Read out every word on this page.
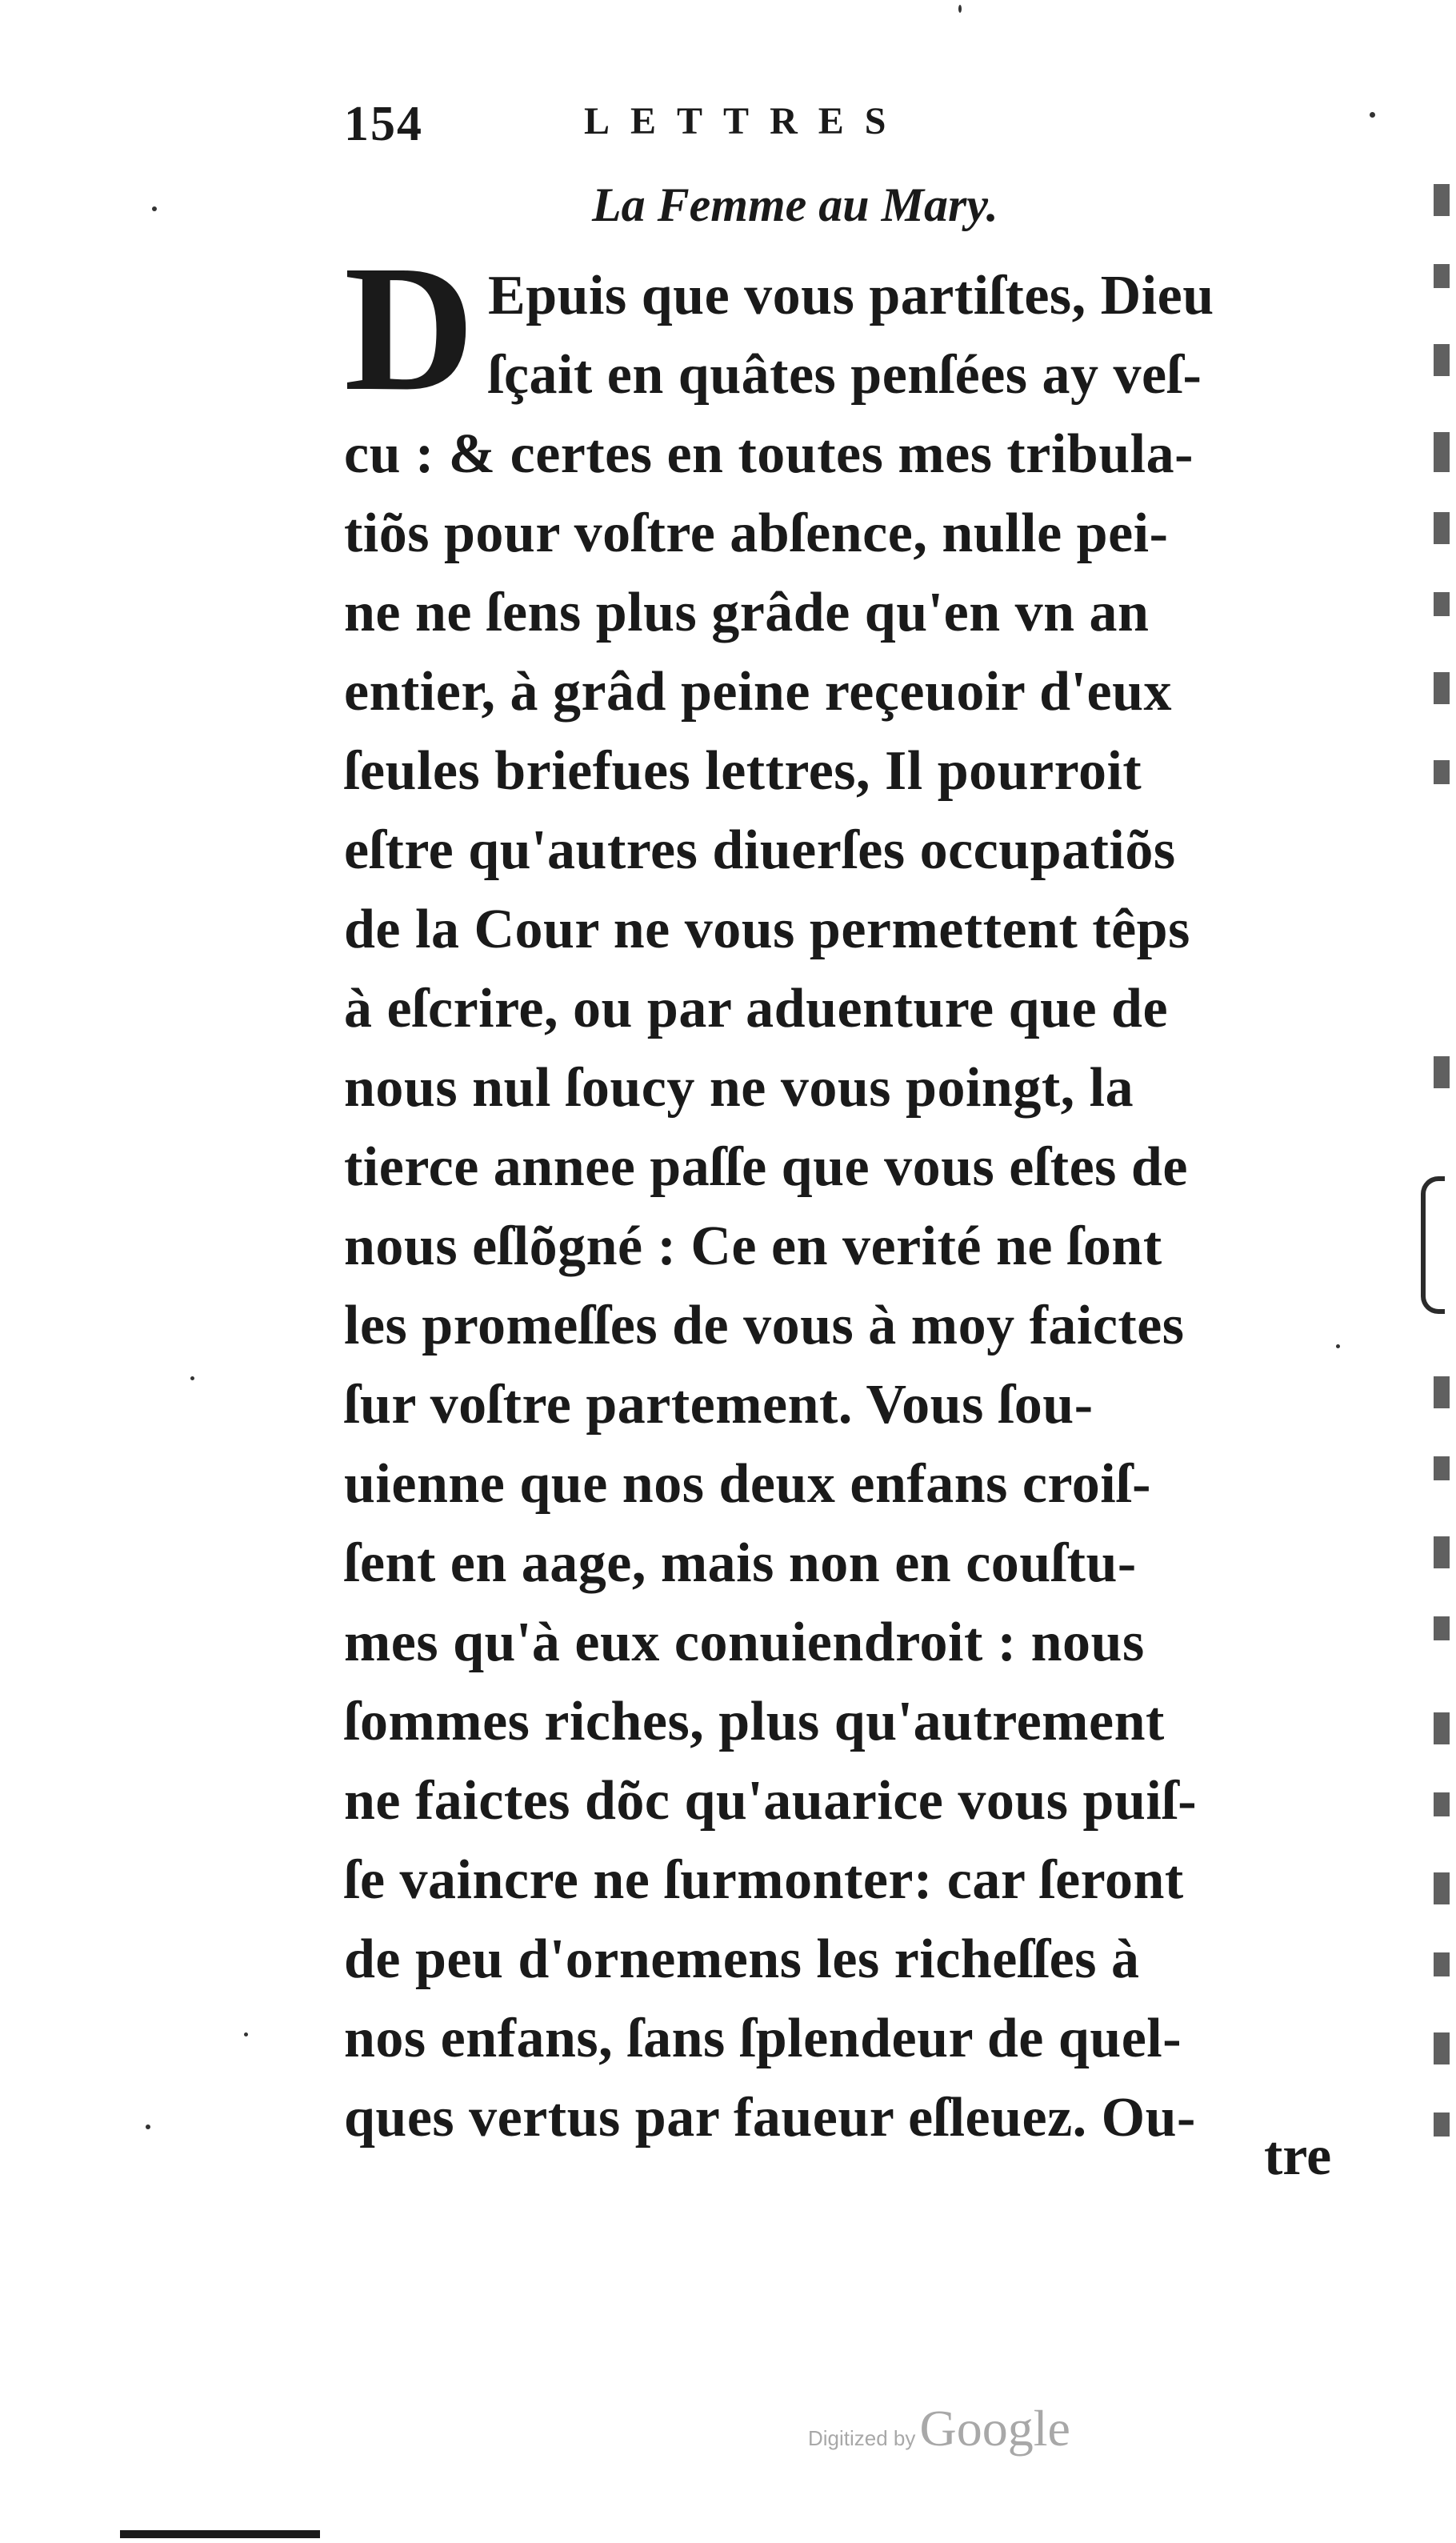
154	LETTRES
La Femme au Mary.
D Epuis que vous partiſtes, Dieu
ſçait en quâtes penſées ay veſ-
cu : & certes en toutes mes tribula-
tiõs pour voſtre abſence, nulle pei-
ne ne ſens plus grâde qu'en vn an
entier, à grâd peine reçeuoir d'eux
ſeules briefues lettres, Il pourroit
eſtre qu'autres diuerſes occupatiõs
de la Cour ne vous permettent têps
à eſcrire, ou par aduenture que de
nous nul ſoucy ne vous poingt, la
tierce annee paſſe que vous eſtes de
nous eſlõgné : Ce en verité ne ſont
les promeſſes de vous à moy faictes
ſur voſtre partement. Vous ſou-
uienne que nos deux enfans croiſ-
ſent en aage, mais non en couſtu-
mes qu'à eux conuiendroit : nous
ſommes riches, plus qu'autrement
ne faictes dõc qu'auarice vous puiſ-
ſe vaincre ne ſurmonter: car ſeront
de peu d'ornemens les richeſſes à
nos enfans, ſans ſplendeur de quel-
ques vertus par faueur eſleuez. Ou-
tre
Digitized by Google
